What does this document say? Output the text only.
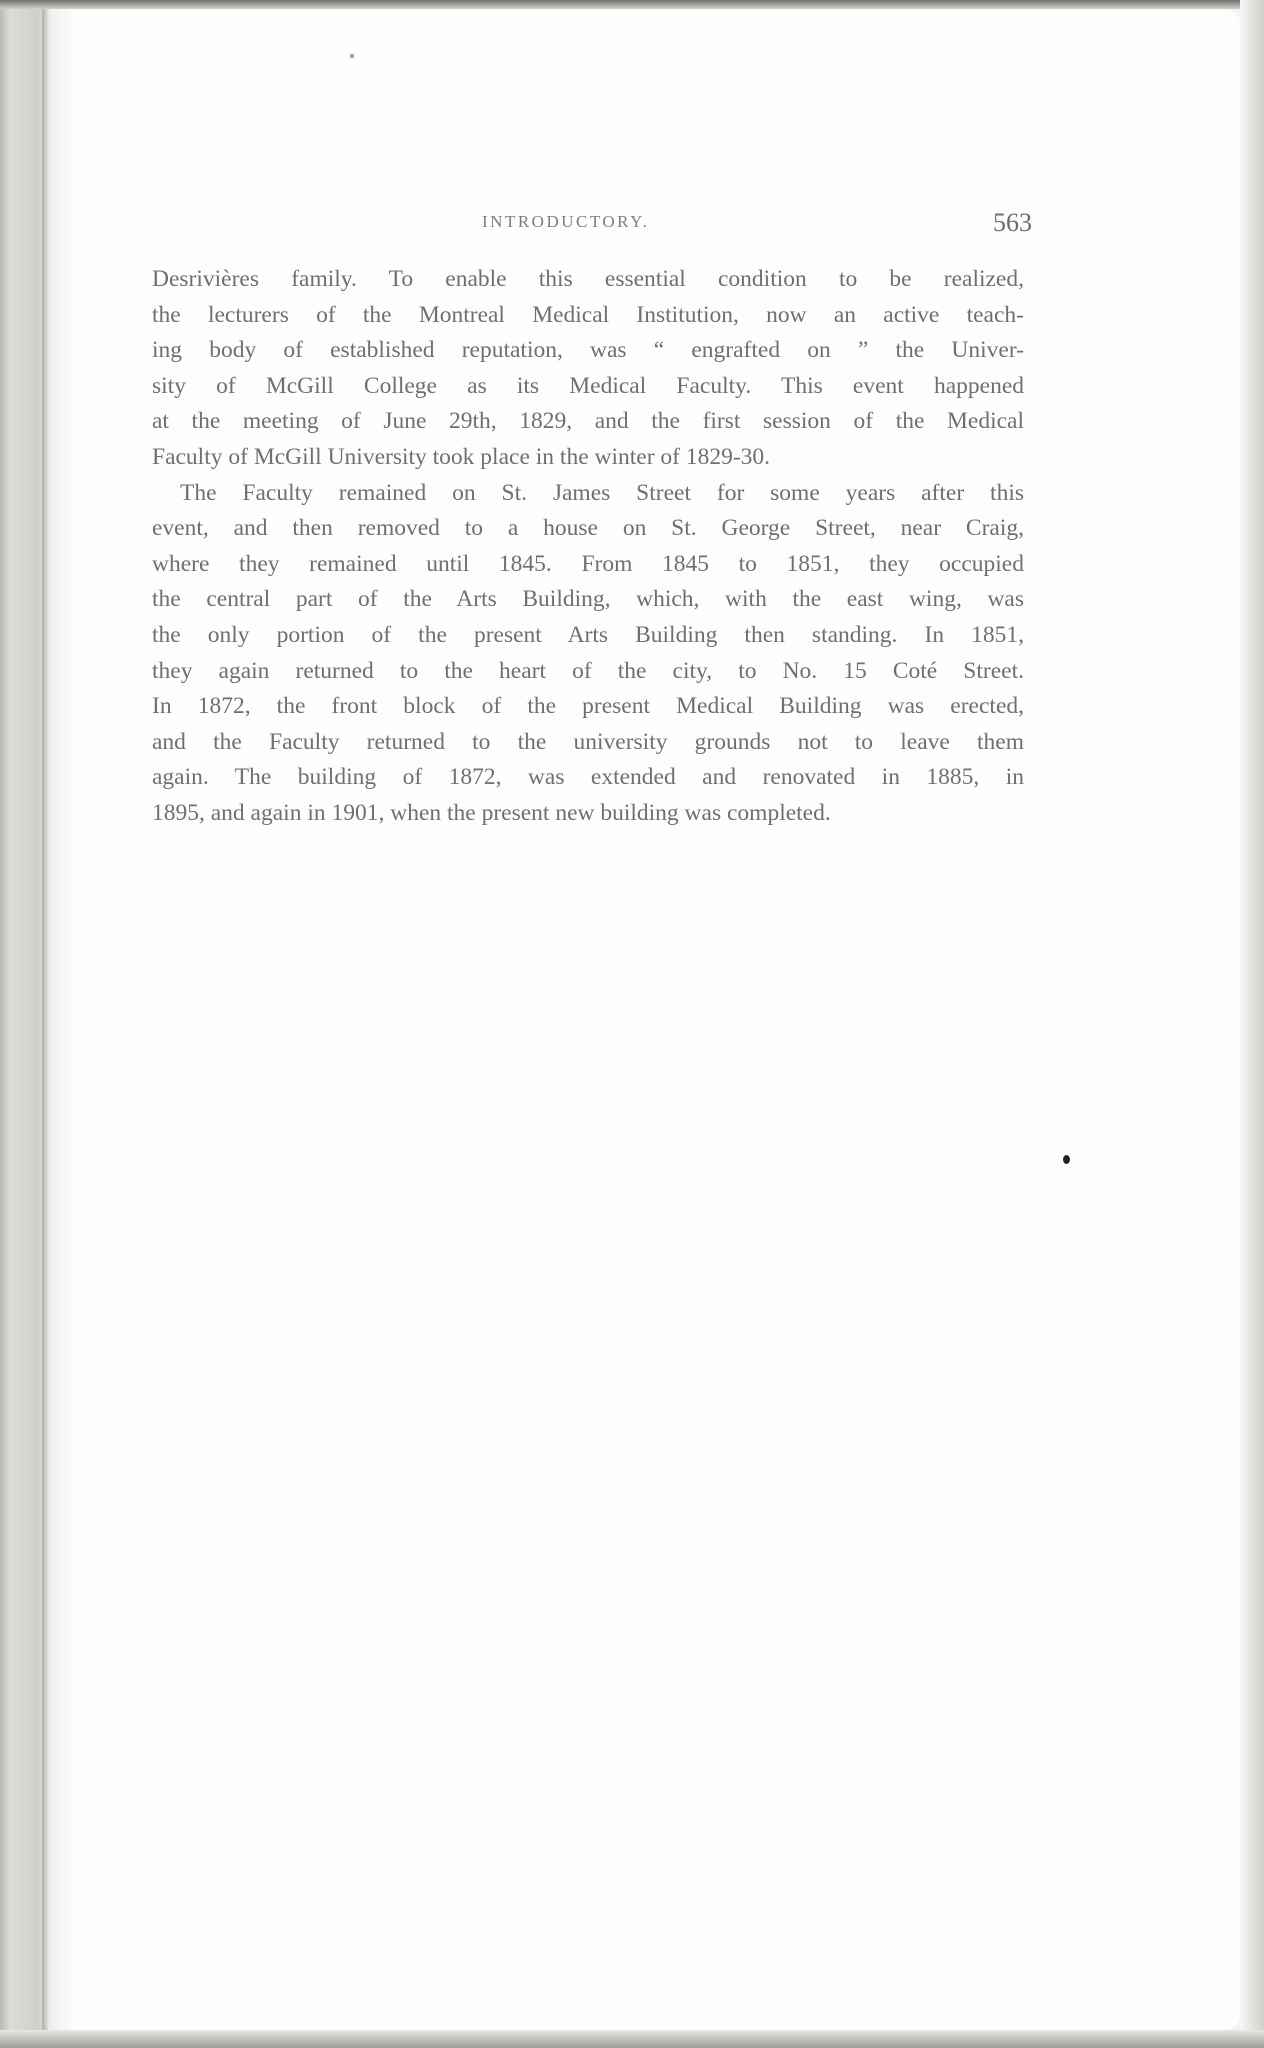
INTRODUCTORY.	563

Desrivières family. To enable this essential condition to be realized,
the lecturers of the Montreal Medical Institution, now an active teach-
ing body of established reputation, was “ engrafted on ” the Univer-
sity of McGill College as its Medical Faculty. This event happened
at the meeting of June 29th, 1829, and the first session of the Medical
Faculty of McGill University took place in the winter of 1829-30.

The Faculty remained on St. James Street for some years after this
event, and then removed to a house on St. George Street, near Craig,
where they remained until 1845. From 1845 to 1851, they occupied
the central part of the Arts Building, which, with the east wing, was
the only portion of the present Arts Building then standing. In 1851,
they again returned to the heart of the city, to No. 15 Coté Street.
In 1872, the front block of the present Medical Building was erected,
and the Faculty returned to the university grounds not to leave them
again. The building of 1872, was extended and renovated in 1885, in
1895, and again in 1901, when the present new building was completed.
